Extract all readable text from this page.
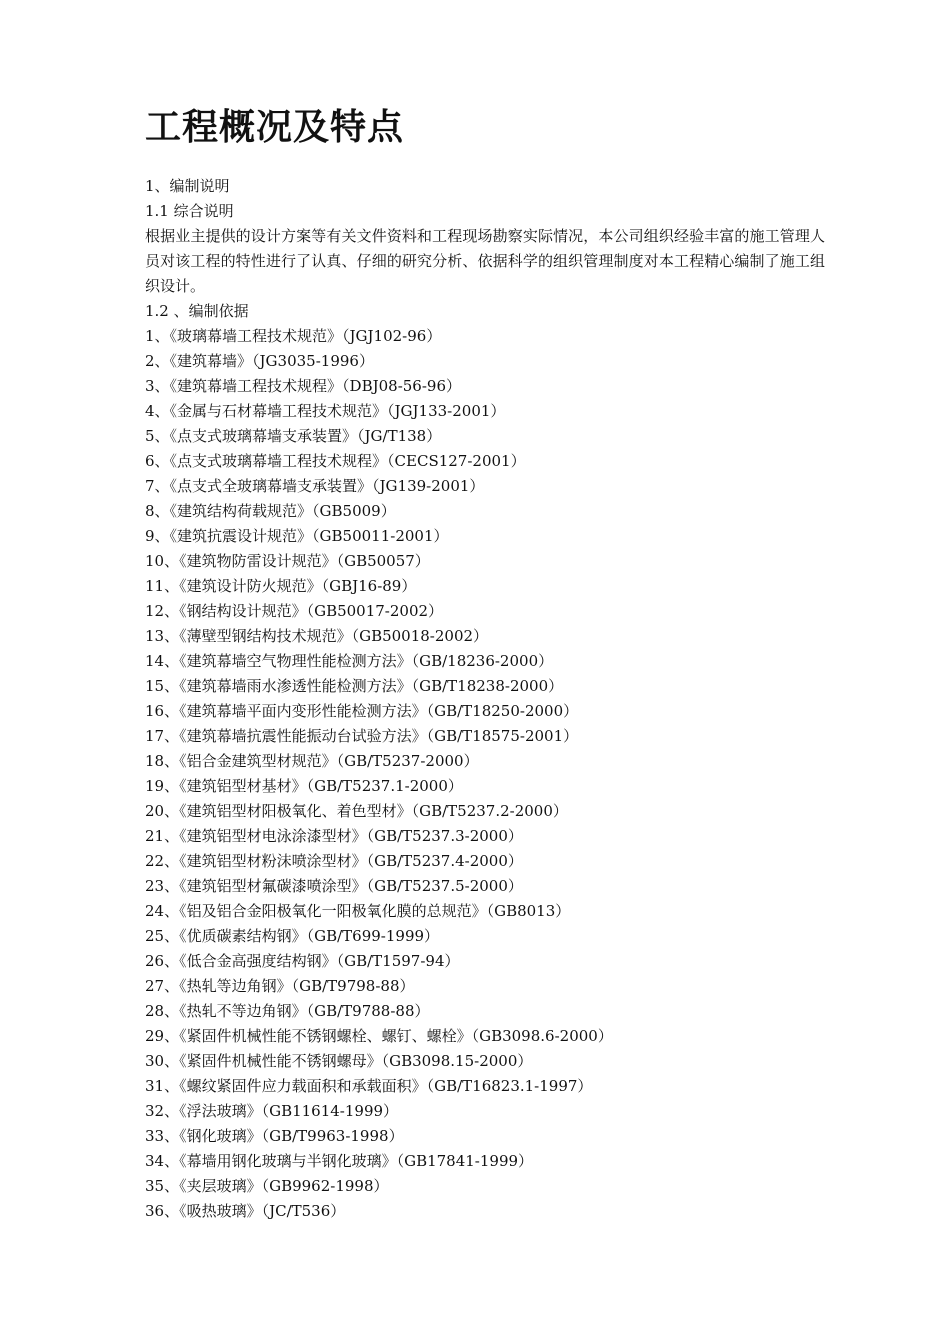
工程概况及特点
1、编制说明
1.1 综合说明
根据业主提供的设计方案等有关文件资料和工程现场勘察实际情况，本公司组织经验丰富的施工管理人员对该工程的特性进行了认真、仔细的研究分析、依据科学的组织管理制度对本工程精心编制了施工组织设计。
1.2 、编制依据
1、《玻璃幕墙工程技术规范》（JGJ102-96）
2、《建筑幕墙》（JG3035-1996）
3、《建筑幕墙工程技术规程》（DBJ08-56-96）
4、《金属与石材幕墙工程技术规范》（JGJ133-2001）
5、《点支式玻璃幕墙支承装置》（JG/T138）
6、《点支式玻璃幕墙工程技术规程》（CECS127-2001）
7、《点支式全玻璃幕墙支承装置》（JG139-2001）
8、《建筑结构荷载规范》（GB5009）
9、《建筑抗震设计规范》（GB50011-2001）
10、《建筑物防雷设计规范》（GB50057）
11、《建筑设计防火规范》（GBJ16-89）
12、《钢结构设计规范》（GB50017-2002）
13、《薄壁型钢结构技术规范》（GB50018-2002）
14、《建筑幕墙空气物理性能检测方法》（GB/18236-2000）
15、《建筑幕墙雨水渗透性能检测方法》（GB/T18238-2000）
16、《建筑幕墙平面内变形性能检测方法》（GB/T18250-2000）
17、《建筑幕墙抗震性能振动台试验方法》（GB/T18575-2001）
18、《铝合金建筑型材规范》（GB/T5237-2000）
19、《建筑铝型材基材》（GB/T5237.1-2000）
20、《建筑铝型材阳极氧化、着色型材》（GB/T5237.2-2000）
21、《建筑铝型材电泳涂漆型材》（GB/T5237.3-2000）
22、《建筑铝型材粉沫喷涂型材》（GB/T5237.4-2000）
23、《建筑铝型材氟碳漆喷涂型》（GB/T5237.5-2000）
24、《铝及铝合金阳极氧化一阳极氧化膜的总规范》（GB8013）
25、《优质碳素结构钢》（GB/T699-1999）
26、《低合金高强度结构钢》（GB/T1597-94）
27、《热轧等边角钢》（GB/T9798-88）
28、《热轧不等边角钢》（GB/T9788-88）
29、《紧固件机械性能不锈钢螺栓、螺钉、螺栓》（GB3098.6-2000）
30、《紧固件机械性能不锈钢螺母》（GB3098.15-2000）
31、《螺纹紧固件应力载面积和承载面积》（GB/T16823.1-1997）
32、《浮法玻璃》（GB11614-1999）
33、《钢化玻璃》（GB/T9963-1998）
34、《幕墙用钢化玻璃与半钢化玻璃》（GB17841-1999）
35、《夹层玻璃》（GB9962-1998）
36、《吸热玻璃》（JC/T536）
